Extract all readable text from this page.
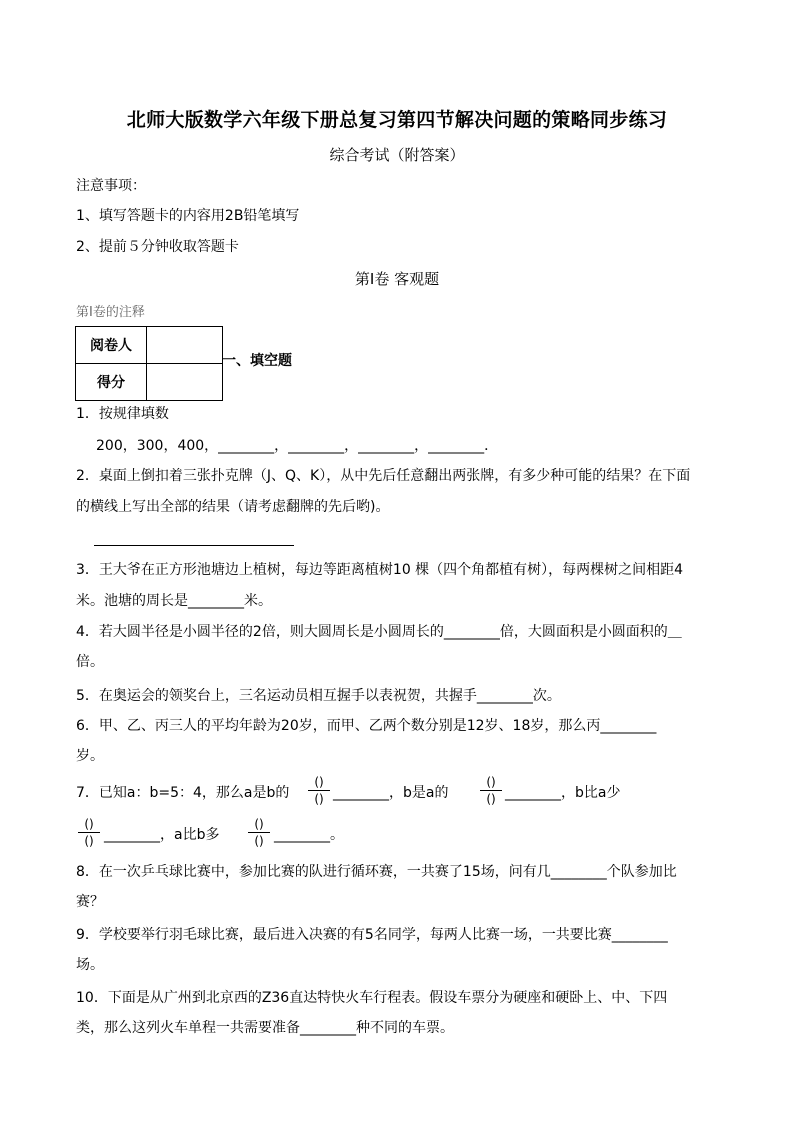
北师大版数学六年级下册总复习第四节解决问题的策略同步练习
综合考试（附答案）
注意事项：
1、填写答题卡的内容用2B铅笔填写
2、提前５分钟收取答题卡
第Ⅰ卷 客观题
第Ⅰ卷的注释
阅卷人	
得分	
一、填空题
1．按规律填数
200，300，400，________，________，________，________．
2．桌面上倒扣着三张扑克牌（J、Q、K），从中先后任意翻出两张牌，有多少种可能的结果？在下面
的横线上写出全部的结果（请考虑翻牌的先后哟)。
3．王大爷在正方形池塘边上植树，每边等距离植树10 棵（四个角都植有树），每两棵树之间相距4
米。池塘的周长是________米。
4．若大圆半径是小圆半径的2倍，则大圆周长是小圆周长的________倍，大圆面积是小圆面积的＿
倍。
5．在奥运会的领奖台上，三名运动员相互握手以表祝贺，共握手________次。
6．甲、乙、丙三人的平均年龄为20岁，而甲、乙两个数分别是12岁、18岁，那么丙________
岁。
7．已知a：b=5：4，那么a是b的
()
() ________，b是a的
()
() ________，b比a少
()
() ________，a比b多
()
() ________。
8．在一次乒乓球比赛中，参加比赛的队进行循环赛，一共赛了15场，问有几________个队参加比
赛？
9．学校要举行羽毛球比赛，最后进入决赛的有5名同学，每两人比赛一场，一共要比赛________
场。
10．下面是从广州到北京西的Z36直达特快火车行程表。假设车票分为硬座和硬卧上、中、下四
类，那么这列火车单程一共需要准备________种不同的车票。
